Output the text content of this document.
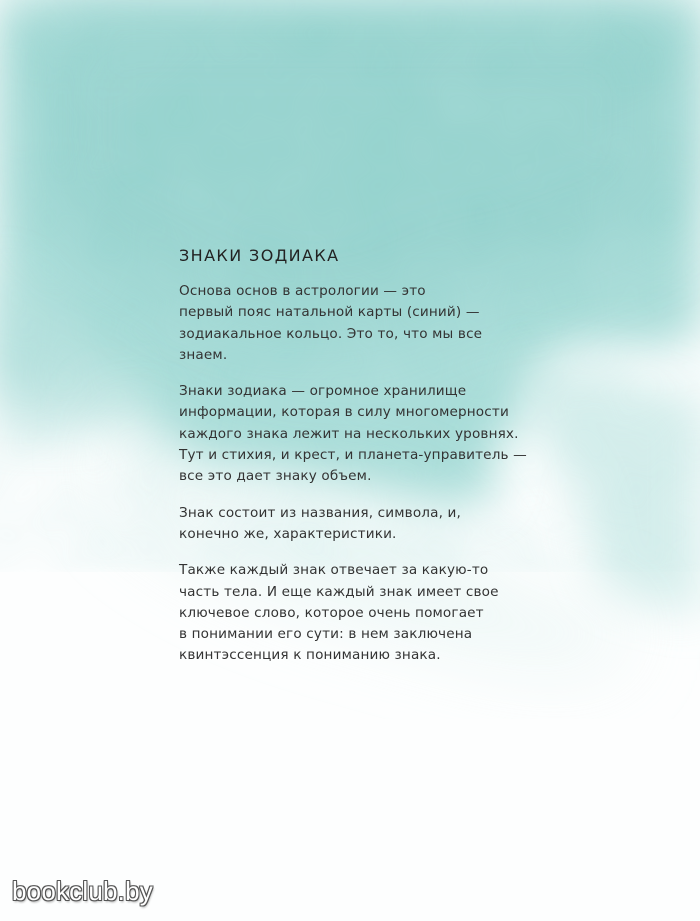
ЗНАКИ ЗОДИАКА

Основа основ в астрологии — это
первый пояс натальной карты (синий) —
зодиакальное кольцо. Это то, что мы все
знаем.

Знаки зодиака — огромное хранилище
информации, которая в силу многомерности
каждого знака лежит на нескольких уровнях.
Тут и стихия, и крест, и планета-управитель —
все это дает знаку объем.

Знак состоит из названия, символа, и,
конечно же, характеристики.

Также каждый знак отвечает за какую-то
часть тела. И еще каждый знак имеет свое
ключевое слово, которое очень помогает
в понимании его сути: в нем заключена
квинтэссенция к пониманию знака.

bookclub.by
